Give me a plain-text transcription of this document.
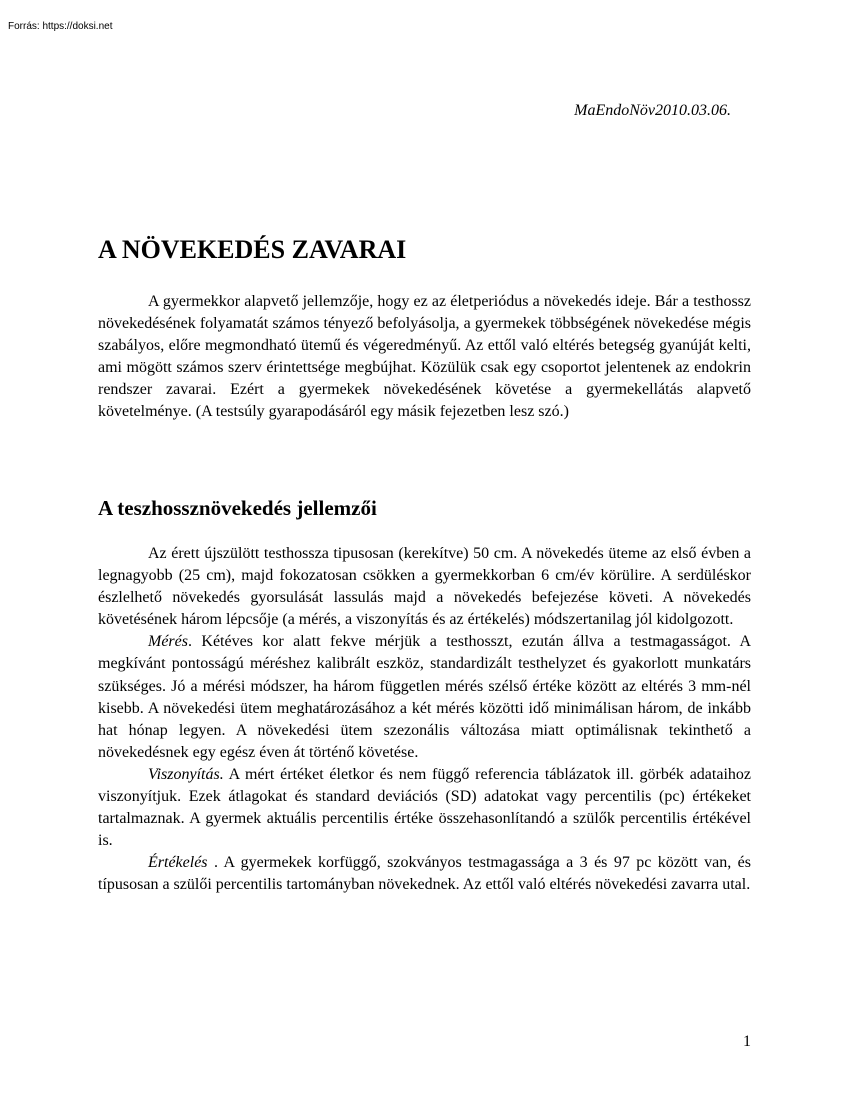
Forrás: https://doksi.net
MaEndoNöv2010.03.06.
A NÖVEKEDÉS ZAVARAI

A gyermekkor alapvető jellemzője, hogy ez az életperiódus a növekedés ideje. Bár a testhossz növekedésének folyamatát számos tényező befolyásolja, a gyermekek többségének növekedése mégis szabályos, előre megmondható ütemű és végeredményű. Az ettől való eltérés betegség gyanúját kelti, ami mögött számos szerv érintettsége megbújhat. Közülük csak egy csoportot jelentenek az endokrin rendszer zavarai. Ezért a gyermekek növekedésének követése a gyermekellátás alapvető követelménye. (A testsúly gyarapodásáról egy másik fejezetben lesz szó.)

A teszhossznövekedés jellemzői

Az érett újszülött testhossza tipusosan (kerekítve) 50 cm. A növekedés üteme az első évben a legnagyobb (25 cm), majd fokozatosan csökken a gyermekkorban 6 cm/év körülire. A serdüléskor észlelhető növekedés gyorsulását lassulás majd a növekedés befejezése követi. A növekedés követésének három lépcsője (a mérés, a viszonyítás és az értékelés) módszertanilag jól kidolgozott.

Mérés. Kétéves kor alatt fekve mérjük a testhosszt, ezután állva a testmagasságot. A megkívánt pontosságú méréshez kalibrált eszköz, standardizált testhelyzet és gyakorlott munkatárs szükséges. Jó a mérési módszer, ha három független mérés szélső értéke között az eltérés 3 mm-nél kisebb. A növekedési ütem meghatározásához a két mérés közötti idő minimálisan három, de inkább hat hónap legyen. A növekedési ütem szezonális változása miatt optimálisnak tekinthető a növekedésnek egy egész éven át történő követése.

Viszonyítás. A mért értéket életkor és nem függő referencia táblázatok ill. görbék adataihoz viszonyítjuk. Ezek átlagokat és standard deviációs (SD) adatokat vagy percentilis (pc) értékeket tartalmaznak. A gyermek aktuális percentilis értéke összehasonlítandó a szülők percentilis értékével is.

Értékelés . A gyermekek korfüggő, szokványos testmagassága a 3 és 97 pc között van, és típusosan a szülői percentilis tartományban növekednek. Az ettől való eltérés növekedési zavarra utal.

1
